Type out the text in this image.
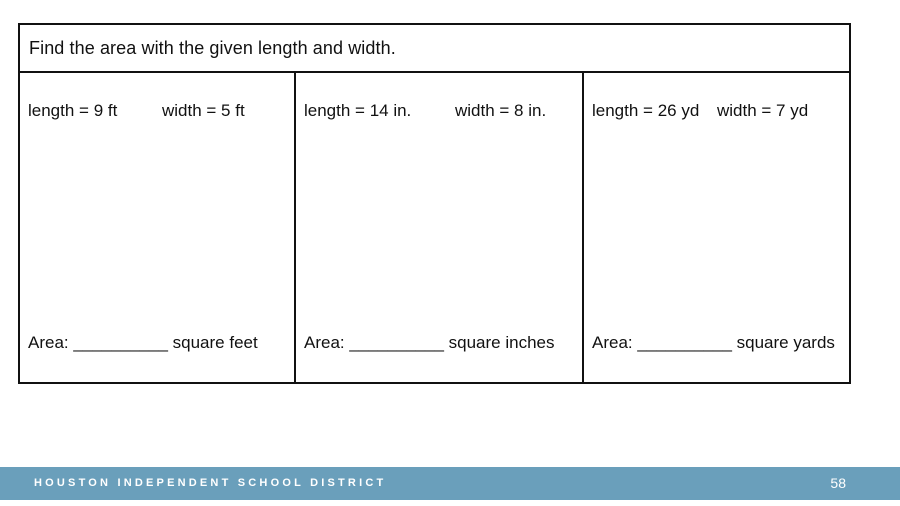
Find the area with the given length and width.
length = 9 ft	width = 5 ft
Area: __________ square feet
length = 14 in.	width = 8 in.
Area: __________ square inches
length = 26 yd	width = 7 yd
Area: __________ square yards
HOUSTON INDEPENDENT SCHOOL DISTRICT	58
